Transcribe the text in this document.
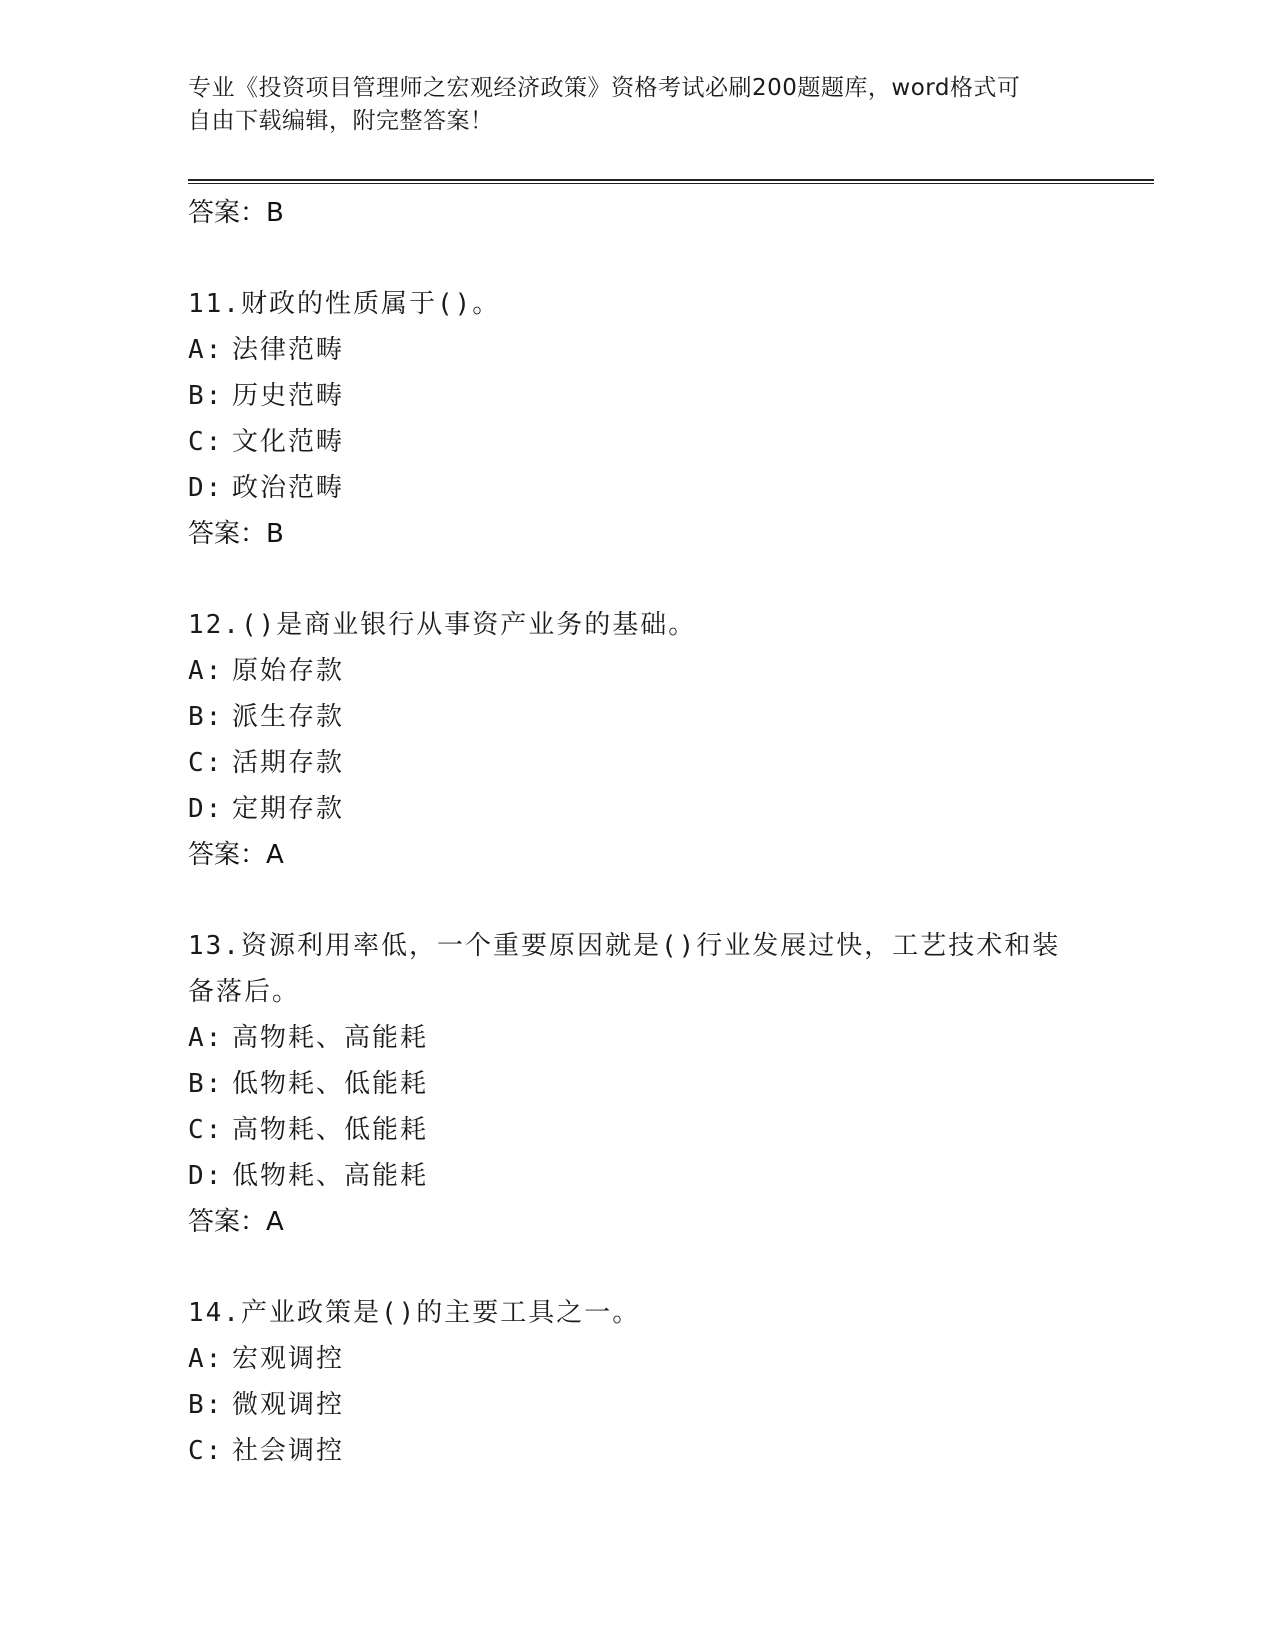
专业《投资项目管理师之宏观经济政策》资格考试必刷200题题库，word格式可
自由下载编辑，附完整答案！
答案：B
11.财政的性质属于()。
A: 法律范畴
B: 历史范畴
C: 文化范畴
D: 政治范畴
答案：B
12.()是商业银行从事资产业务的基础。
A: 原始存款
B: 派生存款
C: 活期存款
D: 定期存款
答案：A
13.资源利用率低，一个重要原因就是()行业发展过快，工艺技术和装
备落后。
A: 高物耗、高能耗
B: 低物耗、低能耗
C: 高物耗、低能耗
D: 低物耗、高能耗
答案：A
14.产业政策是()的主要工具之一。
A: 宏观调控
B: 微观调控
C: 社会调控
